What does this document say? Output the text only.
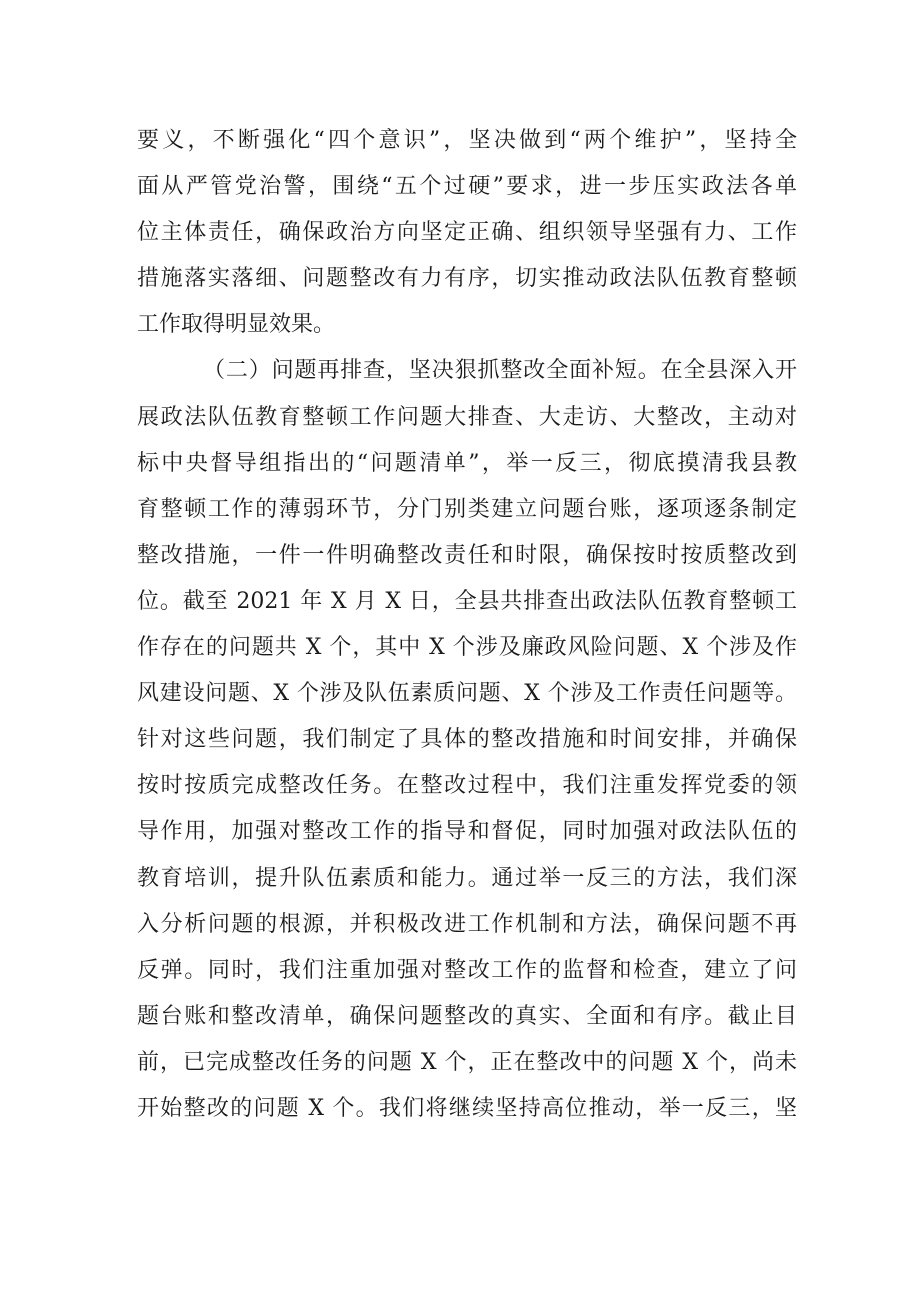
要义，不断强化“四个意识”，坚决做到“两个维护”，坚持全
面从严管党治警，围绕“五个过硬”要求，进一步压实政法各单
位主体责任，确保政治方向坚定正确、组织领导坚强有力、工作
措施落实落细、问题整改有力有序，切实推动政法队伍教育整顿
工作取得明显效果。
（二）问题再排查，坚决狠抓整改全面补短。在全县深入开
展政法队伍教育整顿工作问题大排查、大走访、大整改，主动对
标中央督导组指出的“问题清单”，举一反三，彻底摸清我县教
育整顿工作的薄弱环节，分门别类建立问题台账，逐项逐条制定
整改措施，一件一件明确整改责任和时限，确保按时按质整改到
位。截至 2021 年 X 月 X 日，全县共排查出政法队伍教育整顿工
作存在的问题共 X 个，其中 X 个涉及廉政风险问题、X 个涉及作
风建设问题、X 个涉及队伍素质问题、X 个涉及工作责任问题等。
针对这些问题，我们制定了具体的整改措施和时间安排，并确保
按时按质完成整改任务。在整改过程中，我们注重发挥党委的领
导作用，加强对整改工作的指导和督促，同时加强对政法队伍的
教育培训，提升队伍素质和能力。通过举一反三的方法，我们深
入分析问题的根源，并积极改进工作机制和方法，确保问题不再
反弹。同时，我们注重加强对整改工作的监督和检查，建立了问
题台账和整改清单，确保问题整改的真实、全面和有序。截止目
前，已完成整改任务的问题 X 个，正在整改中的问题 X 个，尚未
开始整改的问题 X 个。我们将继续坚持高位推动，举一反三，坚
